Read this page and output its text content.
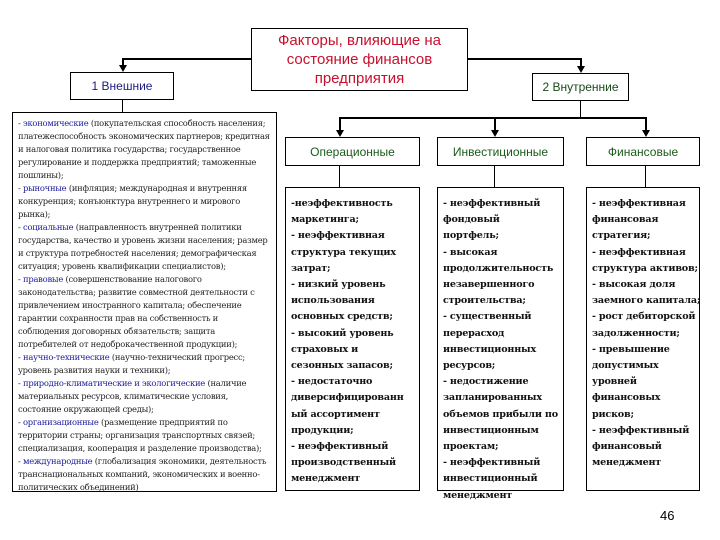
Факторы, влияющие на состояние финансов предприятия
1 Внешние	2 Внутренние
- экономические (покупательская способность населения; платежеспособность экономических партнеров; кредитная и налоговая политика государства; государственное регулирование и поддержка предприятий; таможенные пошлины);
- рыночные (инфляция; международная и внутренняя конкуренция; конъюнктура внутреннего и мирового рынка);
- социальные (направленность внутренней политики государства, качество и уровень жизни населения; размер и структура потребностей населения; демографическая ситуация; уровень квалификации специалистов);
- правовые (совершенствование налогового законодательства; развитие совместной деятельности с привлечением иностранного капитала; обеспечение гарантии сохранности прав на собственность и соблюдения договорных обязательств; защита потребителей от недоброкачественной продукции);
- научно-технические (научно-технический прогресс; уровень развития науки и техники);
- природно-климатические и экологические (наличие материальных ресурсов, климатические условия, состояние окружающей среды);
- организационные (размещение предприятий по территории страны; организация транспортных связей; специализация, кооперация и разделение производства);
- международные (глобализация экономики, деятельность транснациональных компаний, экономических и военно-политических объединений)
Операционные	Инвестиционные	Финансовые
-неэффективность
маркетинга;
- неэффективная
структура текущих
затрат;
- низкий уровень
использования
основных средств;
- высокий уровень
страховых и
сезонных запасов;
- недостаточно
диверсифицированн
ый ассортимент
продукции;
- неэффективный
производственный
менеджмент
- неэффективный
фондовый
портфель;
- высокая
продолжительность
незавершенного
строительства;
- существенный
перерасход
инвестиционных
ресурсов;
- недостижение
запланированных
объемов прибыли по
инвестиционным
проектам;
- неэффективный
инвестиционный
менеджмент
- неэффективная
финансовая
стратегия;
- неэффективная
структура активов;
- высокая доля
заемного капитала;
- рост дебиторской
задолженности;
- превышение
допустимых
уровней
финансовых
рисков;
- неэффективный
финансовый
менеджмент
46
